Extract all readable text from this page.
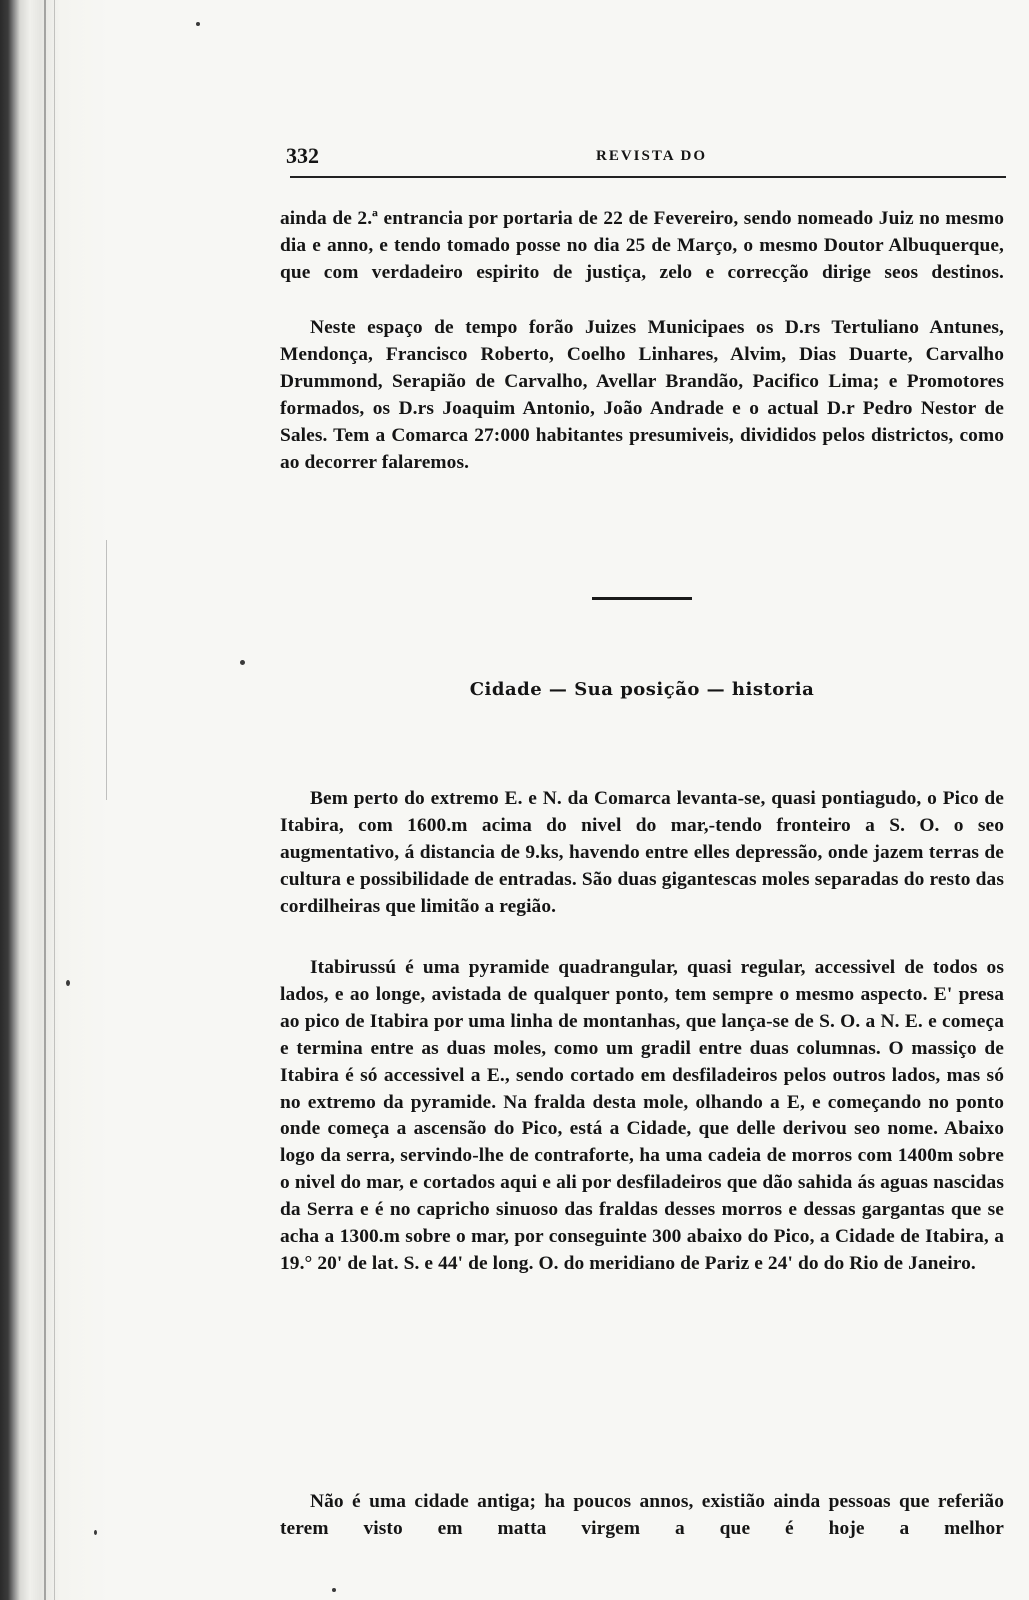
332	REVISTA DO

ainda de 2.ª entrancia por portaria de 22 de Fevereiro, sendo nomeado Juiz no mesmo dia e anno, e tendo tomado posse no dia 25 de Março, o mesmo Doutor Albuquerque, que com verdadeiro espirito de justiça, zelo e correcção dirige seos destinos.

Neste espaço de tempo forão Juizes Municipaes os D.rs Tertuliano Antunes, Mendonça, Francisco Roberto, Coelho Linhares, Alvim, Dias Duarte, Carvalho Drummond, Serapião de Carvalho, Avellar Brandão, Pacifico Lima; e Promotores formados, os D.rs Joaquim Antonio, João Andrade e o actual D.r Pedro Nestor de Sales. Tem a Comarca 27:000 habitantes presumiveis, divididos pelos districtos, como ao decorrer falaremos.

Cidade — Sua posição — historia

Bem perto do extremo E. e N. da Comarca levanta-se, quasi pontiagudo, o Pico de Itabira, com 1600.m acima do nivel do mar,-tendo fronteiro a S. O. o seo augmentativo, á distancia de 9.ks, havendo entre elles depressão, onde jazem terras de cultura e possibilidade de entradas. São duas gigantescas moles separadas do resto das cordilheiras que limitão a região.

Itabirussú é uma pyramide quadrangular, quasi regular, accessivel de todos os lados, e ao longe, avistada de qualquer ponto, tem sempre o mesmo aspecto. E' presa ao pico de Itabira por uma linha de montanhas, que lança-se de S. O. a N. E. e começa e termina entre as duas moles, como um gradil entre duas columnas. O massiço de Itabira é só accessivel a E., sendo cortado em desfiladeiros pelos outros lados, mas só no extremo da pyramide. Na fralda desta mole, olhando a E, e começando no ponto onde começa a ascensão do Pico, está a Cidade, que delle derivou seo nome. Abaixo logo da serra, servindo-lhe de contraforte, ha uma cadeia de morros com 1400m sobre o nivel do mar, e cortados aqui e ali por desfiladeiros que dão sahida ás aguas nascidas da Serra e é no capricho sinuoso das fraldas desses morros e dessas gargantas que se acha a 1300.m sobre o mar, por conseguinte 300 abaixo do Pico, a Cidade de Itabira, a 19.° 20' de lat. S. e 44' de long. O. do meridiano de Pariz e 24' do do Rio de Janeiro.

Não é uma cidade antiga; ha poucos annos, existião ainda pessoas que referião terem visto em matta virgem a que é hoje a melhor
